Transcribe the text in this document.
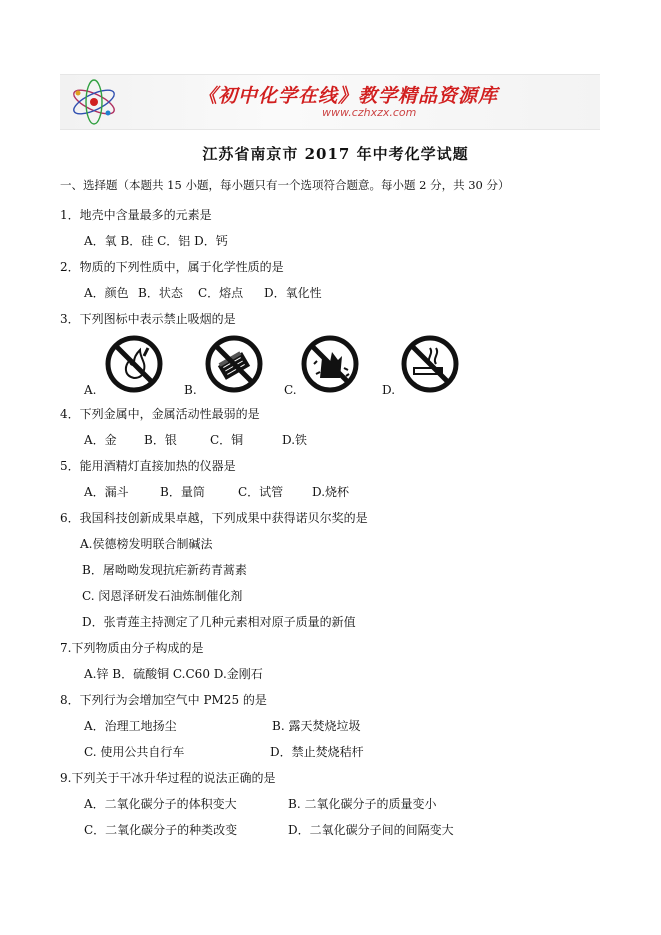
《初中化学在线》教学精品资源库
www.czhxzx.com
江苏省南京市 2017 年中考化学试题
一、选择题（本题共 15 小题，每小题只有一个选项符合题意。每小题 2 分，共 30 分）
1．地壳中含量最多的元素是
A．氧 B．硅 C．铝 D．钙
2．物质的下列性质中，属于化学性质的是
A．颜色 B．状态 C．熔点 D．氧化性
3．下列图标中表示禁止吸烟的是
A.	B.	C.	D.
4．下列金属中，金属活动性最弱的是
A．金 B．银	C．铜	D.铁
5．能用酒精灯直接加热的仪器是
A．漏斗	B．量筒	C．试管 D.烧杯
6．我国科技创新成果卓越，下列成果中获得诺贝尔奖的是
A.侯德榜发明联合制碱法
B．屠呦呦发现抗疟新药青蒿素
C. 闵恩泽研发石油炼制催化剂
D．张青莲主持测定了几种元素相对原子质量的新值
7.下列物质由分子构成的是
A.锌 B．硫酸铜 C.C60 D.金刚石
8．下列行为会增加空气中 PM25 的是
A．治理工地扬尘	B. 露天焚烧垃圾
C. 使用公共自行车	D．禁止焚烧秸杆
9.下列关于干冰升华过程的说法正确的是
A．二氧化碳分子的体积变大	B. 二氧化碳分子的质量变小
C．二氧化碳分子的种类改变	D．二氧化碳分子间的间隔变大
